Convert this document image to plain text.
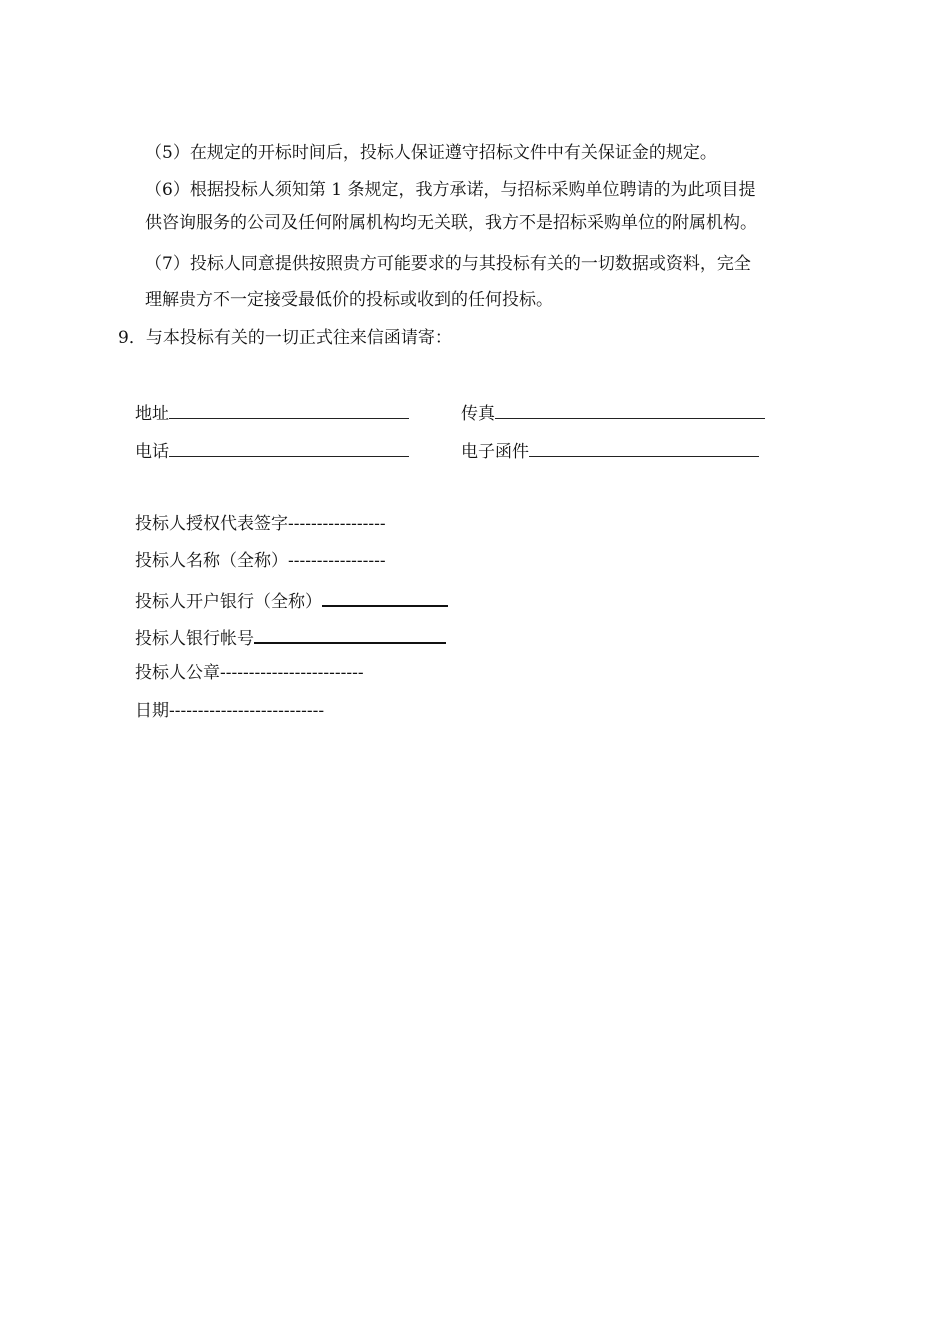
（5）在规定的开标时间后，投标人保证遵守招标文件中有关保证金的规定。
（6）根据投标人须知第 1 条规定，我方承诺，与招标采购单位聘请的为此项目提
供咨询服务的公司及任何附属机构均无关联，我方不是招标采购单位的附属机构。
（7）投标人同意提供按照贵方可能要求的与其投标有关的一切数据或资料，完全
理解贵方不一定接受最低价的投标或收到的任何投标。
9．与本投标有关的一切正式往来信函请寄：
地址	传真
电话	电子函件
投标人授权代表签字-----------------
投标人名称（全称）-----------------
投标人开户银行（全称）
投标人银行帐号
投标人公章-------------------------
日期---------------------------
